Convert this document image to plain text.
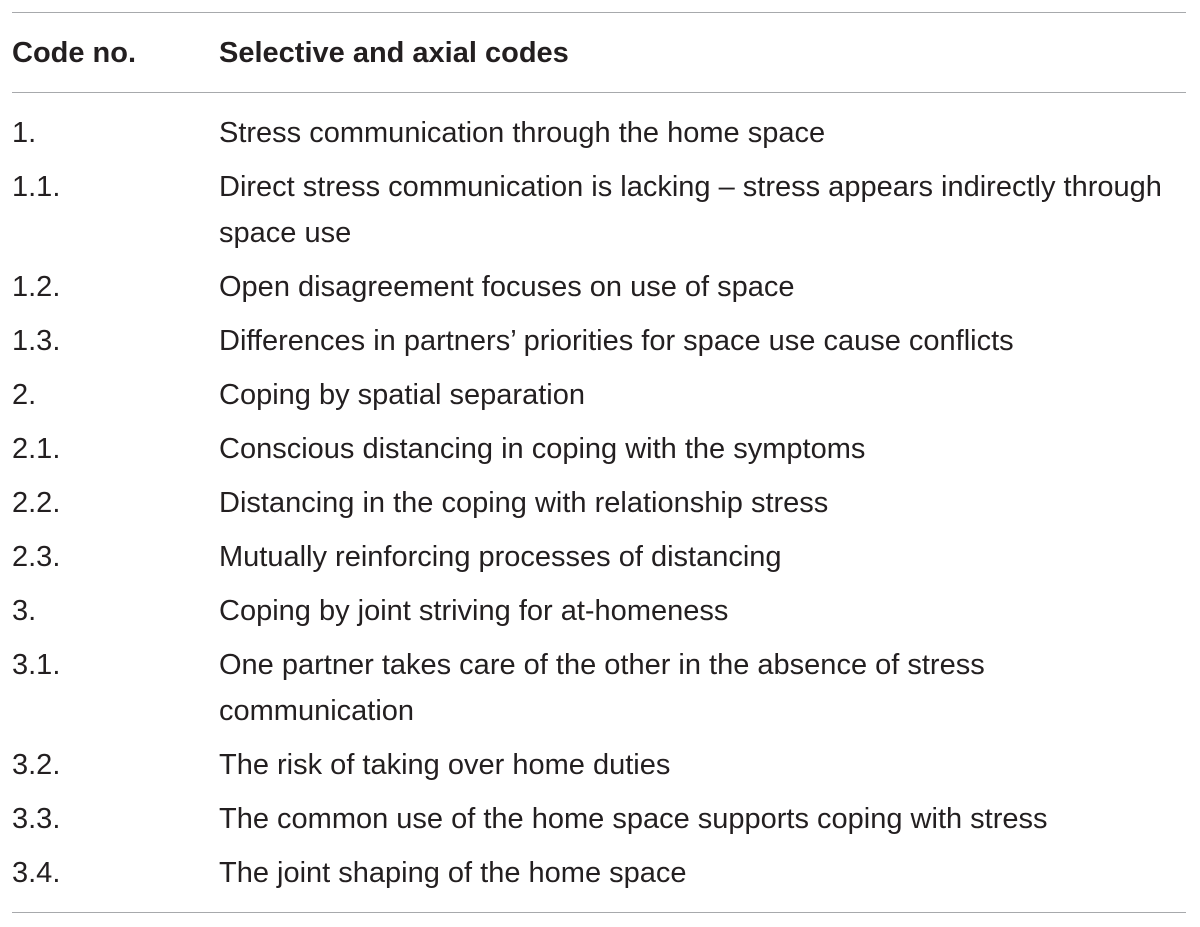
Code no.	Selective and axial codes
1.	Stress communication through the home space
1.1.	Direct stress communication is lacking – stress appears indirectly through space use
1.2.	Open disagreement focuses on use of space
1.3.	Differences in partners’ priorities for space use cause conflicts
2.	Coping by spatial separation
2.1.	Conscious distancing in coping with the symptoms
2.2.	Distancing in the coping with relationship stress
2.3.	Mutually reinforcing processes of distancing
3.	Coping by joint striving for at-homeness
3.1.	One partner takes care of the other in the absence of stress communication
3.2.	The risk of taking over home duties
3.3.	The common use of the home space supports coping with stress
3.4.	The joint shaping of the home space
